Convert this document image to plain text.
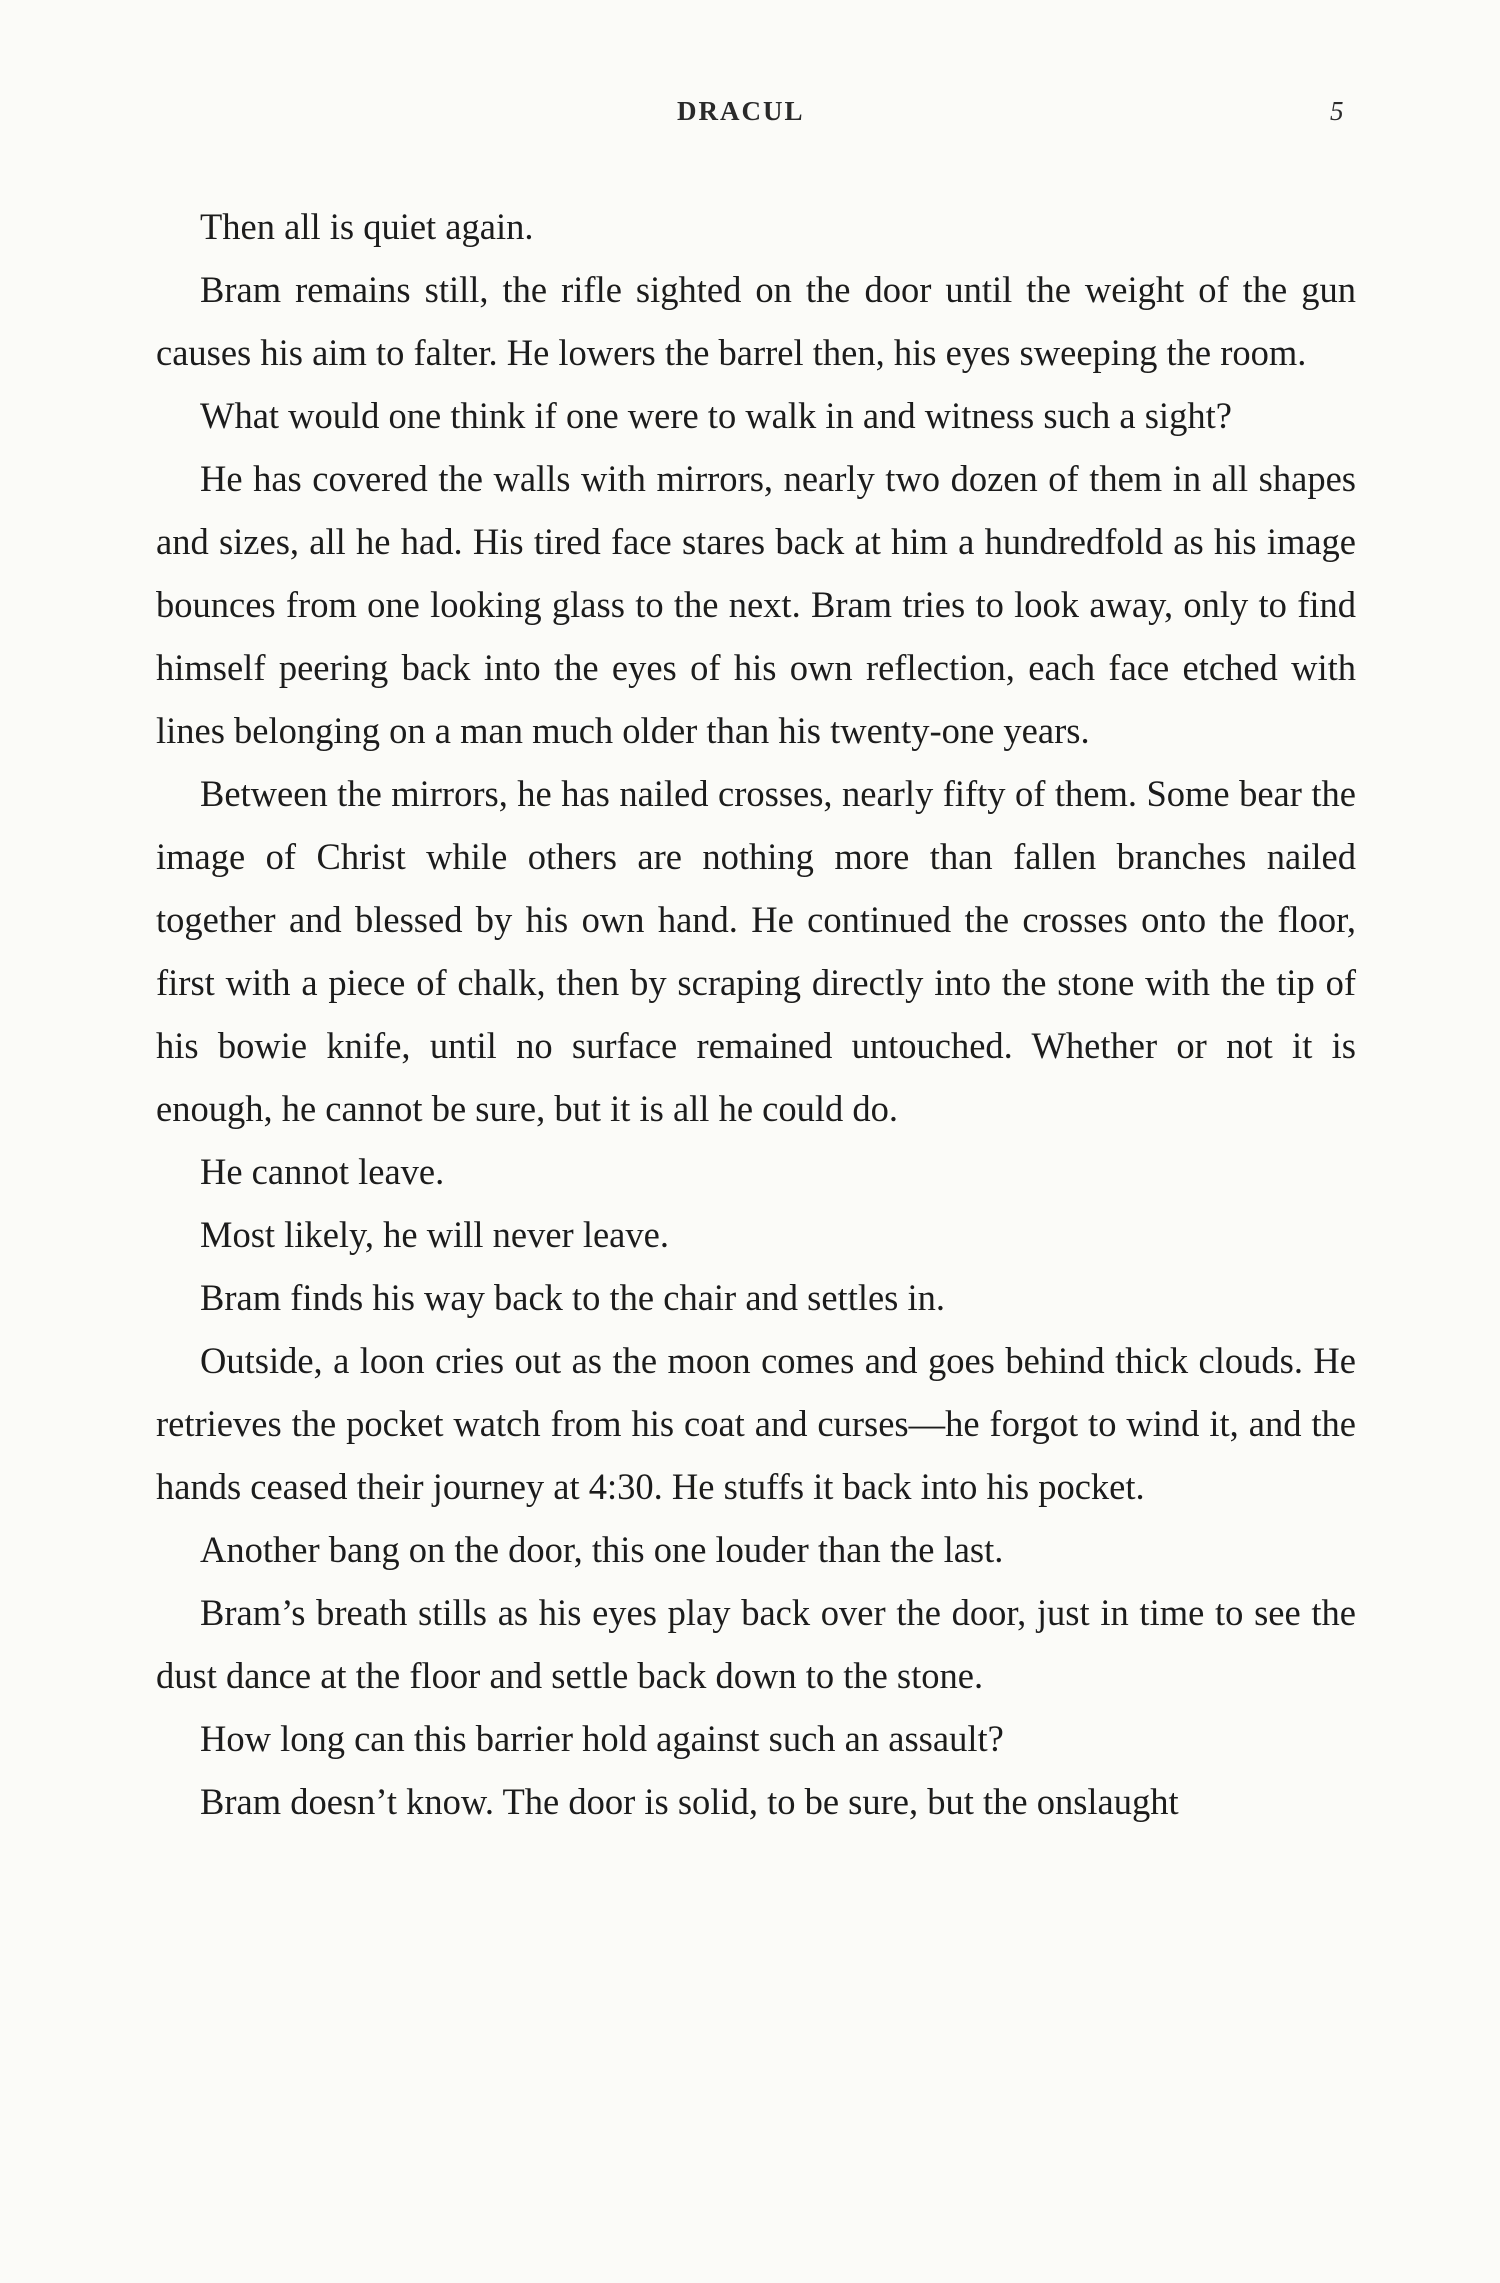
DRACUL	5

Then all is quiet again.

Bram remains still, the rifle sighted on the door until the weight of the gun causes his aim to falter. He lowers the barrel then, his eyes sweeping the room.

What would one think if one were to walk in and witness such a sight?

He has covered the walls with mirrors, nearly two dozen of them in all shapes and sizes, all he had. His tired face stares back at him a hundredfold as his image bounces from one looking glass to the next. Bram tries to look away, only to find himself peering back into the eyes of his own reflection, each face etched with lines belonging on a man much older than his twenty-one years.

Between the mirrors, he has nailed crosses, nearly fifty of them. Some bear the image of Christ while others are nothing more than fallen branches nailed together and blessed by his own hand. He continued the crosses onto the floor, first with a piece of chalk, then by scraping directly into the stone with the tip of his bowie knife, until no surface remained untouched. Whether or not it is enough, he cannot be sure, but it is all he could do.

He cannot leave.

Most likely, he will never leave.

Bram finds his way back to the chair and settles in.

Outside, a loon cries out as the moon comes and goes behind thick clouds. He retrieves the pocket watch from his coat and curses—he forgot to wind it, and the hands ceased their journey at 4:30. He stuffs it back into his pocket.

Another bang on the door, this one louder than the last.

Bram’s breath stills as his eyes play back over the door, just in time to see the dust dance at the floor and settle back down to the stone.

How long can this barrier hold against such an assault?

Bram doesn’t know. The door is solid, to be sure, but the onslaught
